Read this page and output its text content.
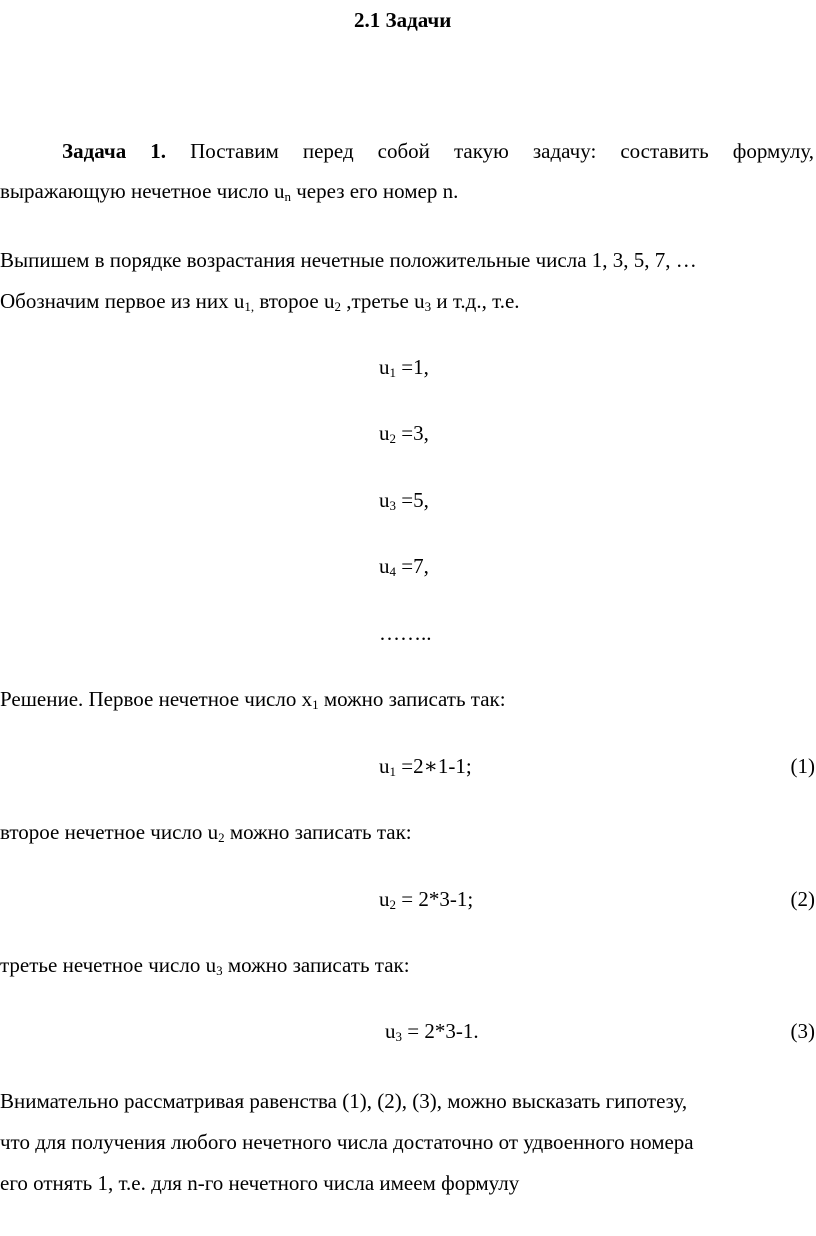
2.1 Задачи
Задача 1. Поставим перед собой такую задачу: составить формулу,
выражающую нечетное число $u_n$ через его номер n.
Выпишем в порядке возрастания нечетные положительные числа 1, 3, 5, 7, …
Обозначим первое из них $u_{1,}$ второе $u_2$ ,третье $u_3$ и т.д., т.е.
$u_1 =1$,
$u_2 =3$,
$u_3 =5$,
$u_4 =7$,
……..
Решение. Первое нечетное число $x_1$ можно записать так:
$u_1$ =2∗1-1;	(1)
второе нечетное число $u_2$ можно записать так:
$u_2 = 2*3-1$;	(2)
третье нечетное число $u_3$ можно записать так:
$u_3 = 2*3-1$.	(3)
Внимательно рассматривая равенства (1), (2), (3), можно высказать гипотезу,
что для получения любого нечетного числа достаточно от удвоенного номера
его отнять 1, т.е. для n-го нечетного числа имеем формулу
